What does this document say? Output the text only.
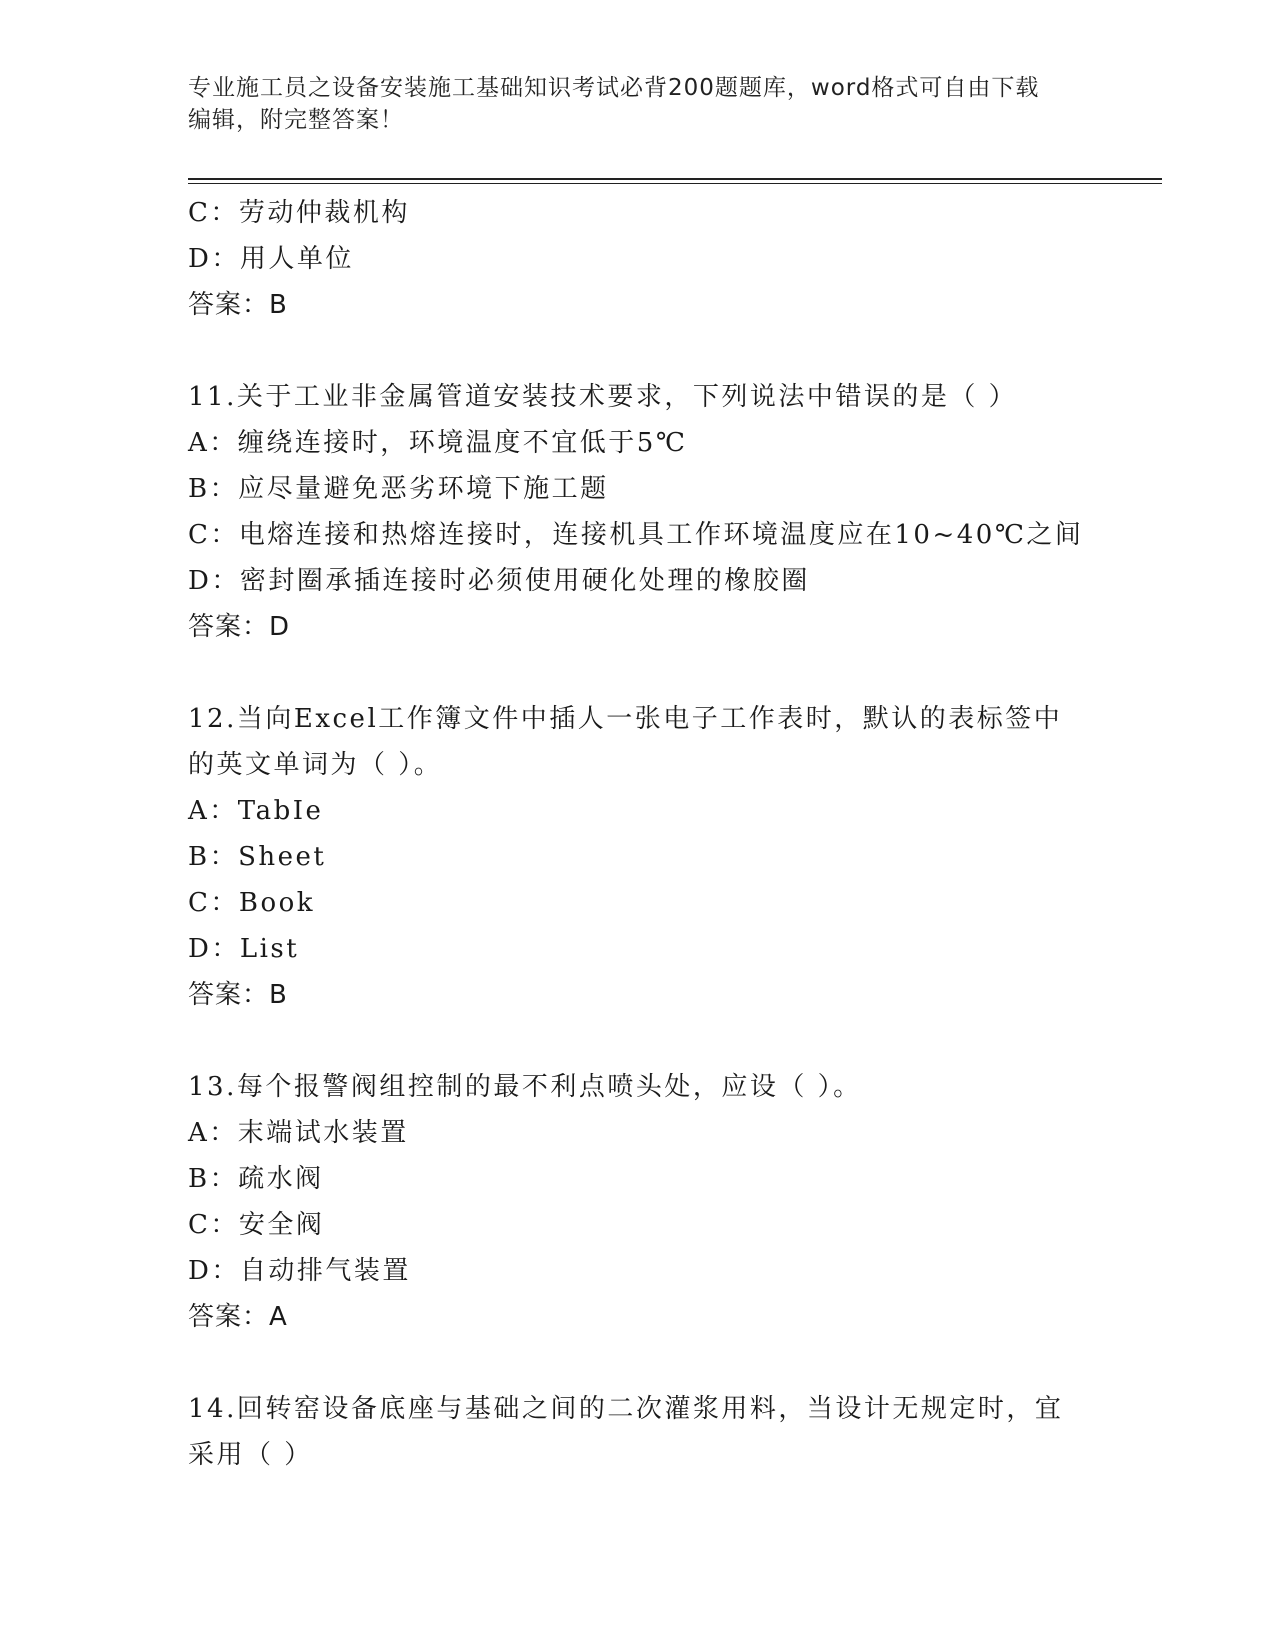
专业施工员之设备安装施工基础知识考试必背200题题库，word格式可自由下载
编辑，附完整答案！
C：劳动仲裁机构
D：用人单位
答案：B
11.关于工业非金属管道安装技术要求，下列说法中错误的是（ ）
A：缠绕连接时，环境温度不宜低于5℃
B：应尽量避免恶劣环境下施工题
C：电熔连接和热熔连接时，连接机具工作环境温度应在10~40℃之间
D：密封圈承插连接时必须使用硬化处理的橡胶圈
答案：D
12.当向Excel工作簿文件中插人一张电子工作表时，默认的表标签中
的英文单词为（ ）。
A：TabIe
B：Sheet
C：Book
D：List
答案：B
13.每个报警阀组控制的最不利点喷头处，应设（ ）。
A：末端试水装置
B：疏水阀
C：安全阀
D：自动排气装置
答案：A
14.回转窑设备底座与基础之间的二次灌浆用料，当设计无规定时，宜
采用（ ）
